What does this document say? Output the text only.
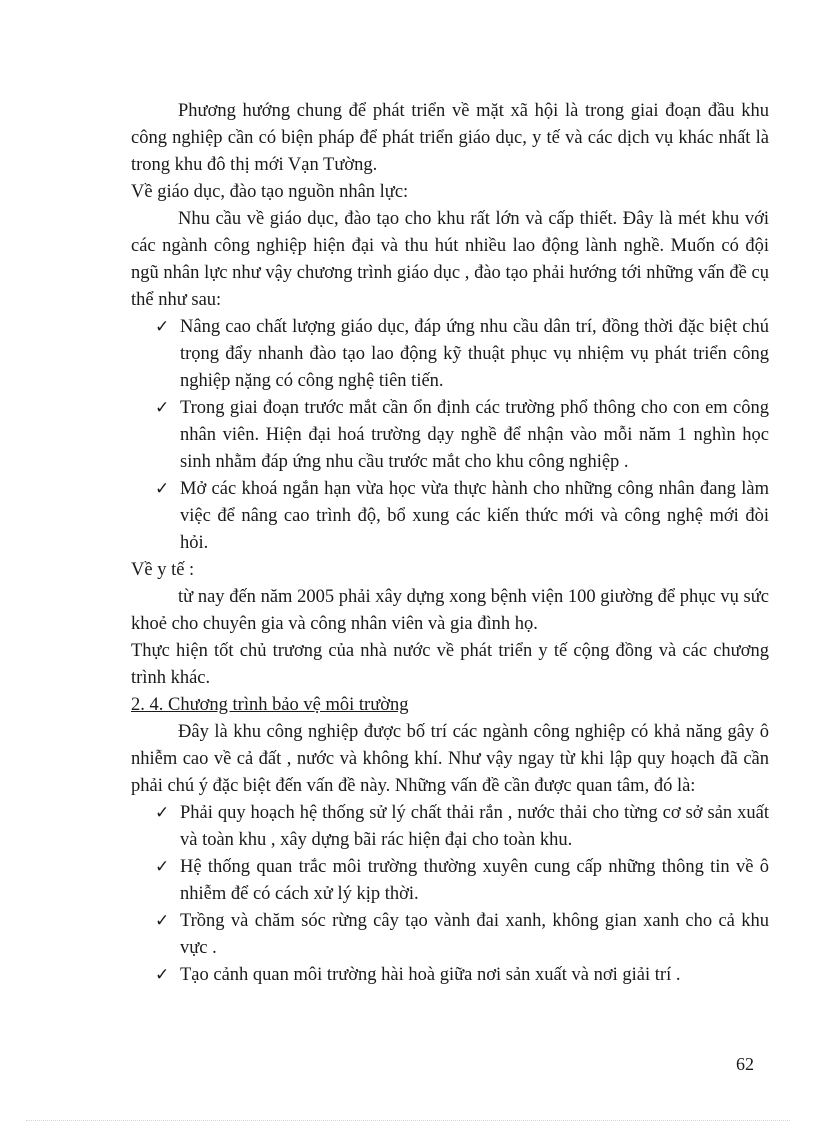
Phương hướng chung để phát triển về mặt xã hội là trong giai đoạn đầu khu công nghiệp cần có biện pháp để phát triển giáo dục, y tế và các dịch vụ khác nhất là trong khu đô thị mới Vạn Tường.

Về giáo dục, đào tạo nguồn nhân lực:

Nhu cầu về giáo dục, đào tạo cho khu rất lớn và cấp thiết. Đây là mét khu với các ngành công nghiệp hiện đại và thu hút nhiều lao động lành nghề. Muốn có đội ngũ nhân lực như vậy chương trình giáo dục , đào tạo phải hướng tới những vấn đề cụ thể như sau:

✓ Nâng cao chất lượng giáo dục, đáp ứng nhu cầu dân trí, đồng thời đặc biệt chú trọng đẩy nhanh đào tạo lao động kỹ thuật phục vụ nhiệm vụ phát triển công nghiệp nặng có công nghệ tiên tiến.
✓ Trong giai đoạn trước mắt cần ổn định các trường phổ thông cho con em công nhân viên. Hiện đại hoá trường dạy nghề để nhận vào mỗi năm 1 nghìn học sinh nhằm đáp ứng nhu cầu trước mắt cho khu công nghiệp .
✓ Mở các khoá ngắn hạn vừa học vừa thực hành cho những công nhân đang làm việc để nâng cao trình độ, bổ xung các kiến thức mới và công nghệ mới đòi hỏi.

Về y tế :

từ nay đến năm 2005 phải xây dựng xong bệnh viện 100 giường để phục vụ sức khoẻ cho chuyên gia và công nhân viên và gia đình họ.

Thực hiện tốt chủ trương của nhà nước về phát triển y tế cộng đồng và các chương trình khác.

2. 4. Chương trình bảo vệ môi trường

Đây là khu công nghiệp được bố trí các ngành công nghiệp có khả năng gây ô nhiễm cao về cả đất , nước và không khí. Như vậy ngay từ khi lập quy hoạch đã cần phải chú ý đặc biệt đến vấn đề này. Những vấn đề cần được quan tâm, đó là:

✓ Phải quy hoạch hệ thống sử lý chất thải rắn , nước thải cho từng cơ sở sản xuất và toàn khu , xây dựng bãi rác hiện đại cho toàn khu.
✓ Hệ thống quan trắc môi trường thường xuyên cung cấp những thông tin về ô nhiễm để có cách xử lý kịp thời.
✓ Trồng và chăm sóc rừng cây tạo vành đai xanh, không gian xanh cho cả khu vực .
✓ Tạo cảnh quan môi trường hài hoà giữa nơi sản xuất và nơi giải trí .
62
